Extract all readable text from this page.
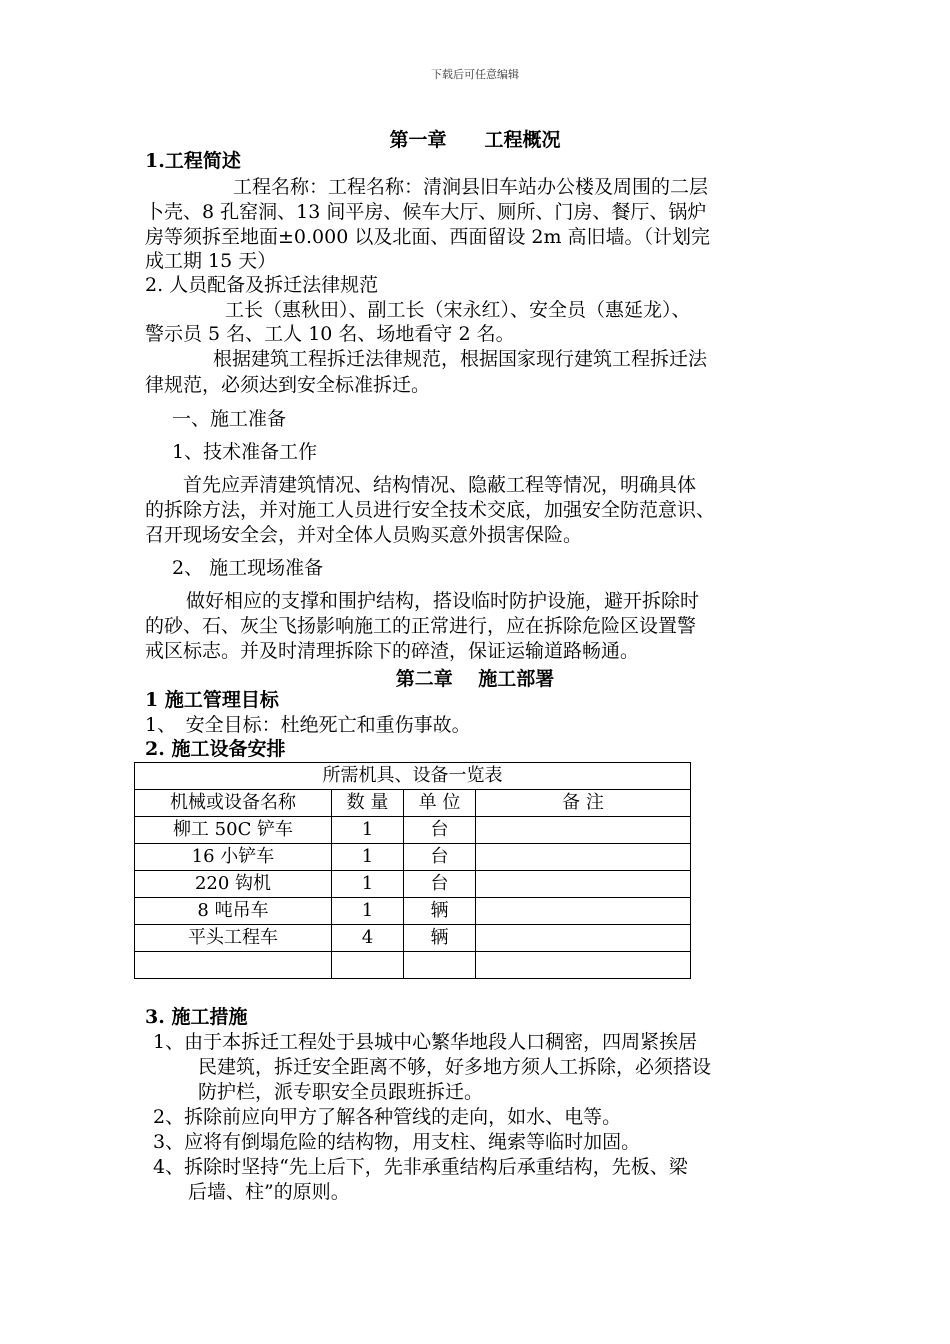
下载后可任意编辑
第一章　　工程概况
1.工程简述
工程名称：工程名称：清涧县旧车站办公楼及周围的二层
卜壳、8 孔窑洞、13 间平房、候车大厅、厕所、门房、餐厅、锅炉
房等须拆至地面±0.000 以及北面、西面留设 2m 高旧墙。（计划完
成工期 15 天）
2. 人员配备及拆迁法律规范
工长（惠秋田）、副工长（宋永红）、安全员（惠延龙）、
警示员 5 名、工人 10 名、场地看守 2 名。
根据建筑工程拆迁法律规范，根据国家现行建筑工程拆迁法
律规范，必须达到安全标准拆迁。
一、施工准备
1、技术准备工作
首先应弄清建筑情况、结构情况、隐蔽工程等情况，明确具体
的拆除方法，并对施工人员进行安全技术交底，加强安全防范意识、
召开现场安全会，并对全体人员购买意外损害保险。
2、 施工现场准备
做好相应的支撑和围护结构，搭设临时防护设施，避开拆除时
的砂、石、灰尘飞扬影响施工的正常进行，应在拆除危险区设置警
戒区标志。并及时清理拆除下的碎渣，保证运输道路畅通。
第二章　 施工部署
1 施工管理目标
1、　安全目标：杜绝死亡和重伤事故。
2. 施工设备安排
所需机具、设备一览表			
机械或设备名称	数 量	单 位	备 注
柳工 50C 铲车	1	台	
16 小铲车	1	台	
220 钩机	1	台	
8 吨吊车	1	辆	
平头工程车	4	辆	

3. 施工措施
1、由于本拆迁工程处于县城中心繁华地段人口稠密，四周紧挨居
民建筑，拆迁安全距离不够，好多地方须人工拆除，必须搭设
防护栏，派专职安全员跟班拆迁。
2、拆除前应向甲方了解各种管线的走向，如水、电等。
3、应将有倒塌危险的结构物，用支柱、绳索等临时加固。
4、拆除时坚持“先上后下，先非承重结构后承重结构，先板、梁
后墙、柱”的原则。
